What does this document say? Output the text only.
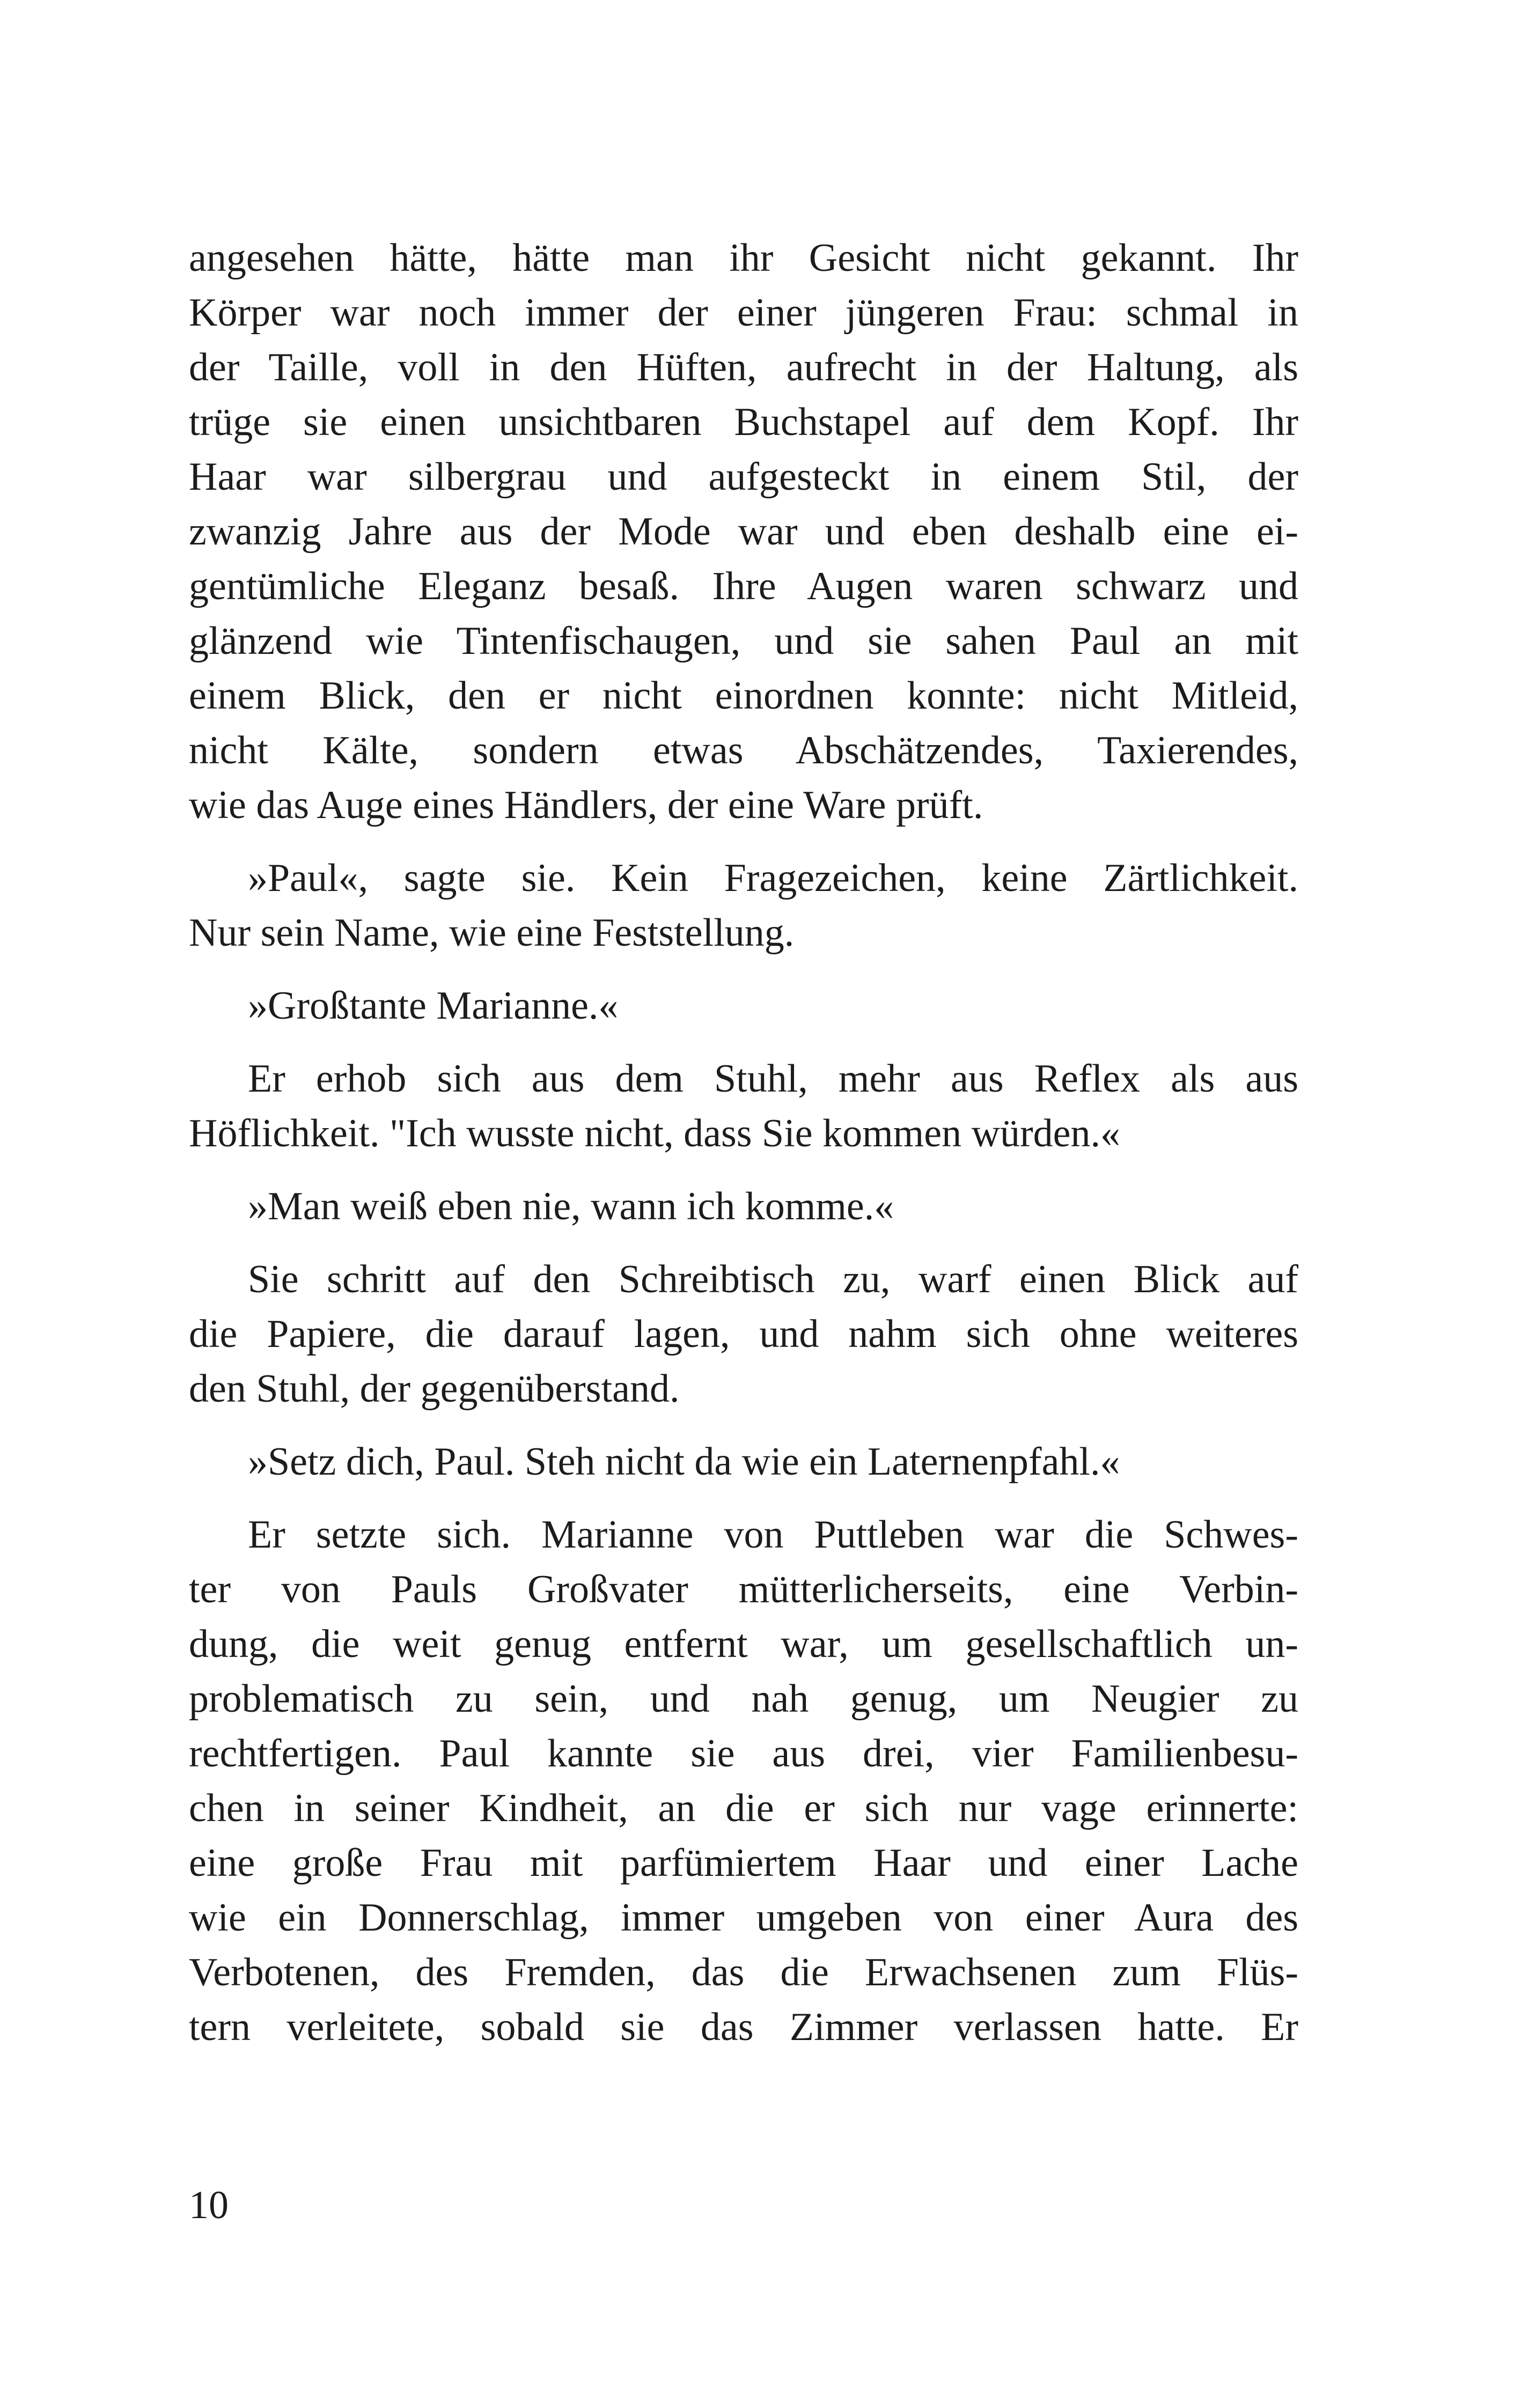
angesehen hätte, hätte man ihr Gesicht nicht gekannt. Ihr
Körper war noch immer der einer jüngeren Frau: schmal in
der Taille, voll in den Hüften, aufrecht in der Haltung, als
trüge sie einen unsichtbaren Buchstapel auf dem Kopf. Ihr
Haar war silbergrau und aufgesteckt in einem Stil, der
zwanzig Jahre aus der Mode war und eben deshalb eine ei-
gentümliche Eleganz besaß. Ihre Augen waren schwarz und
glänzend wie Tintenfischaugen, und sie sahen Paul an mit
einem Blick, den er nicht einordnen konnte: nicht Mitleid,
nicht Kälte, sondern etwas Abschätzendes, Taxierendes,
wie das Auge eines Händlers, der eine Ware prüft.
»Paul«, sagte sie. Kein Fragezeichen, keine Zärtlichkeit.
Nur sein Name, wie eine Feststellung.
»Großtante Marianne.«
Er erhob sich aus dem Stuhl, mehr aus Reflex als aus
Höflichkeit. "Ich wusste nicht, dass Sie kommen würden.«
»Man weiß eben nie, wann ich komme.«
Sie schritt auf den Schreibtisch zu, warf einen Blick auf
die Papiere, die darauf lagen, und nahm sich ohne weiteres
den Stuhl, der gegenüberstand.
»Setz dich, Paul. Steh nicht da wie ein Laternenpfahl.«
Er setzte sich. Marianne von Puttleben war die Schwes-
ter von Pauls Großvater mütterlicherseits, eine Verbin-
dung, die weit genug entfernt war, um gesellschaftlich un-
problematisch zu sein, und nah genug, um Neugier zu
rechtfertigen. Paul kannte sie aus drei, vier Familienbesu-
chen in seiner Kindheit, an die er sich nur vage erinnerte:
eine große Frau mit parfümiertem Haar und einer Lache
wie ein Donnerschlag, immer umgeben von einer Aura des
Verbotenen, des Fremden, das die Erwachsenen zum Flüs-
tern verleitete, sobald sie das Zimmer verlassen hatte. Er
10
